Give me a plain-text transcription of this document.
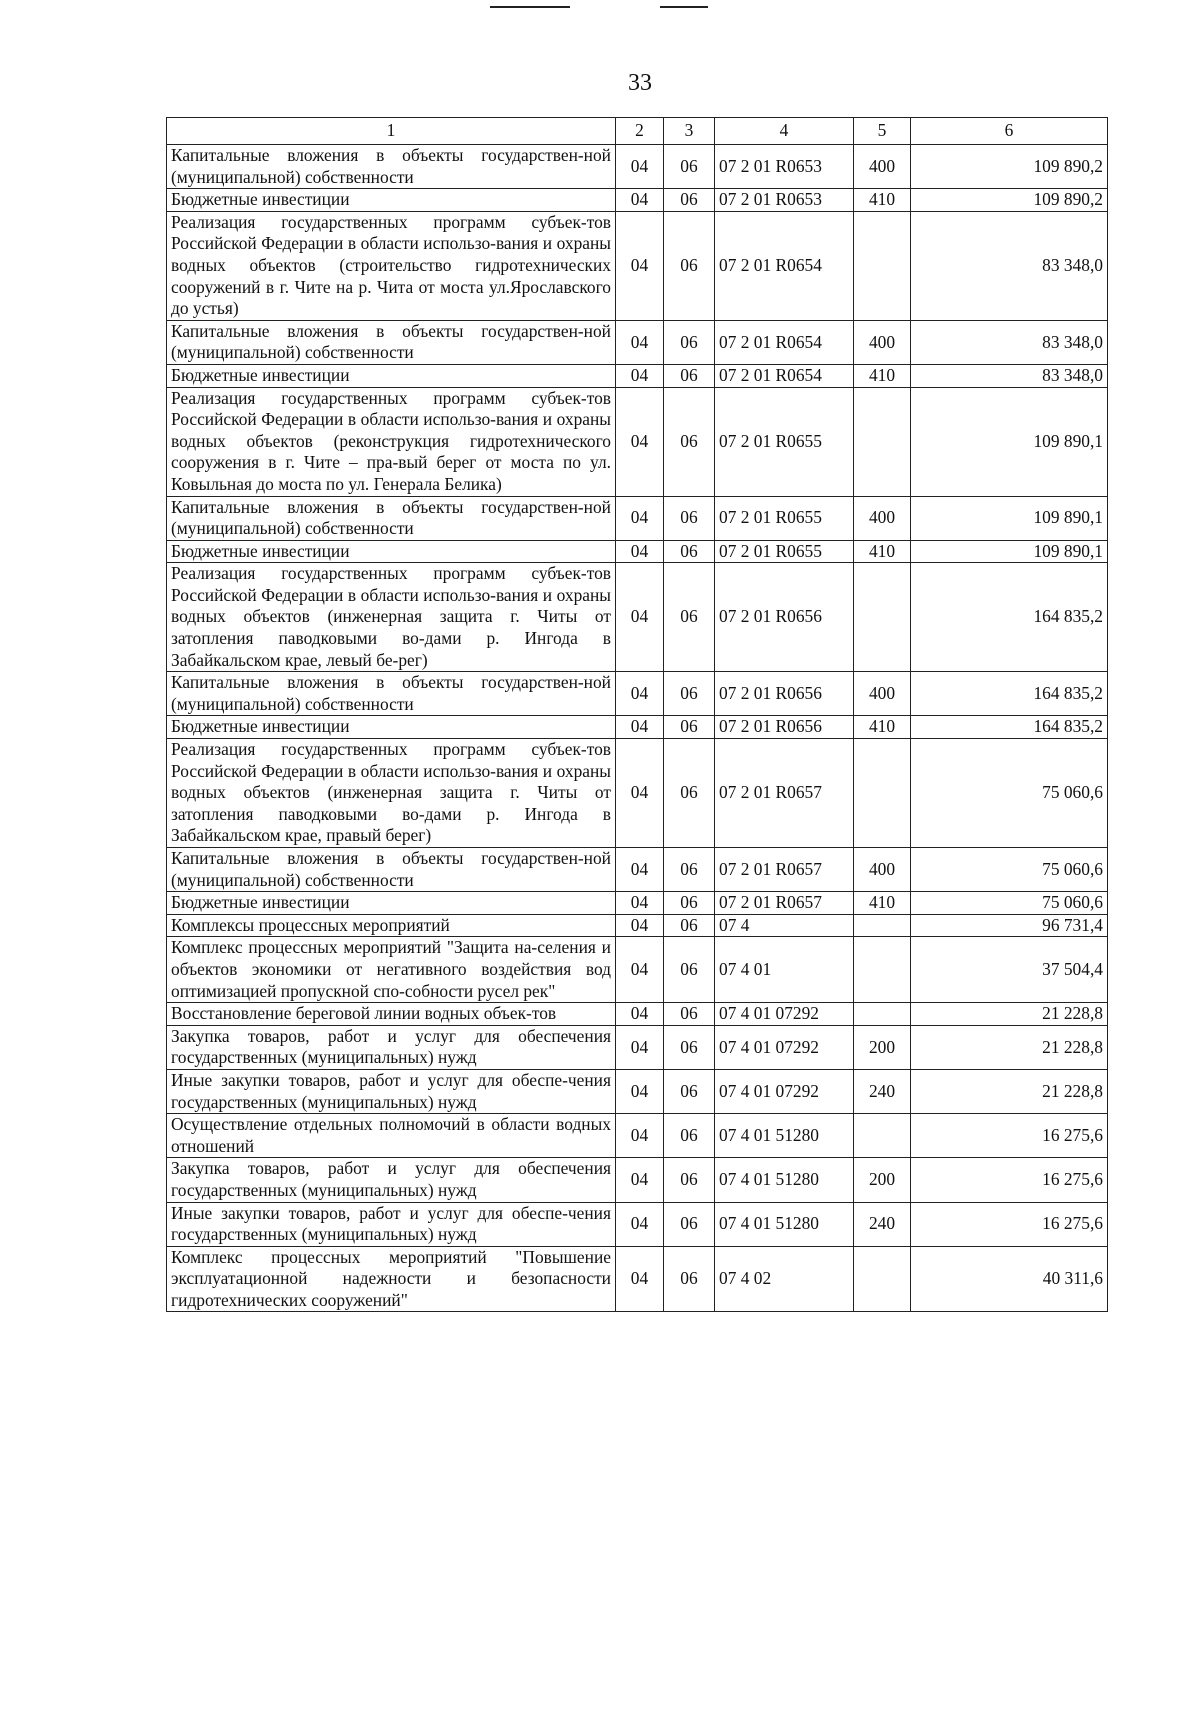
33
1	2	3	4	5	6
Капитальные вложения в объекты государствен-ной (муниципальной) собственности	04	06	07 2 01 R0653	400	109 890,2
Бюджетные инвестиции	04	06	07 2 01 R0653	410	109 890,2
Реализация государственных программ субъек-тов Российской Федерации в области использо-вания и охраны водных объектов (строительство гидротехнических сооружений в г. Чите на р. Чита от моста ул.Ярославского до устья)	04	06	07 2 01 R0654		83 348,0
Капитальные вложения в объекты государствен-ной (муниципальной) собственности	04	06	07 2 01 R0654	400	83 348,0
Бюджетные инвестиции	04	06	07 2 01 R0654	410	83 348,0
Реализация государственных программ субъек-тов Российской Федерации в области использо-вания и охраны водных объектов (реконструкция гидротехнического сооружения в г. Чите – пра-вый берег от моста по ул. Ковыльная до моста по ул. Генерала Белика)	04	06	07 2 01 R0655		109 890,1
Капитальные вложения в объекты государствен-ной (муниципальной) собственности	04	06	07 2 01 R0655	400	109 890,1
Бюджетные инвестиции	04	06	07 2 01 R0655	410	109 890,1
Реализация государственных программ субъек-тов Российской Федерации в области использо-вания и охраны водных объектов (инженерная защита г. Читы от затопления паводковыми во-дами р. Ингода в Забайкальском крае, левый бе-рег)	04	06	07 2 01 R0656		164 835,2
Капитальные вложения в объекты государствен-ной (муниципальной) собственности	04	06	07 2 01 R0656	400	164 835,2
Бюджетные инвестиции	04	06	07 2 01 R0656	410	164 835,2
Реализация государственных программ субъек-тов Российской Федерации в области использо-вания и охраны водных объектов (инженерная защита г. Читы от затопления паводковыми во-дами р. Ингода в Забайкальском крае, правый берег)	04	06	07 2 01 R0657		75 060,6
Капитальные вложения в объекты государствен-ной (муниципальной) собственности	04	06	07 2 01 R0657	400	75 060,6
Бюджетные инвестиции	04	06	07 2 01 R0657	410	75 060,6
Комплексы процессных мероприятий	04	06	07 4		96 731,4
Комплекс процессных мероприятий "Защита на-селения и объектов экономики от негативного воздействия вод оптимизацией пропускной спо-собности русел рек"	04	06	07 4 01		37 504,4
Восстановление береговой линии водных объек-тов	04	06	07 4 01 07292		21 228,8
Закупка товаров, работ и услуг для обеспечения государственных (муниципальных) нужд	04	06	07 4 01 07292	200	21 228,8
Иные закупки товаров, работ и услуг для обеспе-чения государственных (муниципальных) нужд	04	06	07 4 01 07292	240	21 228,8
Осуществление отдельных полномочий в области водных отношений	04	06	07 4 01 51280		16 275,6
Закупка товаров, работ и услуг для обеспечения государственных (муниципальных) нужд	04	06	07 4 01 51280	200	16 275,6
Иные закупки товаров, работ и услуг для обеспе-чения государственных (муниципальных) нужд	04	06	07 4 01 51280	240	16 275,6
Комплекс процессных мероприятий "Повышение эксплуатационной надежности и безопасности гидротехнических сооружений"	04	06	07 4 02		40 311,6
